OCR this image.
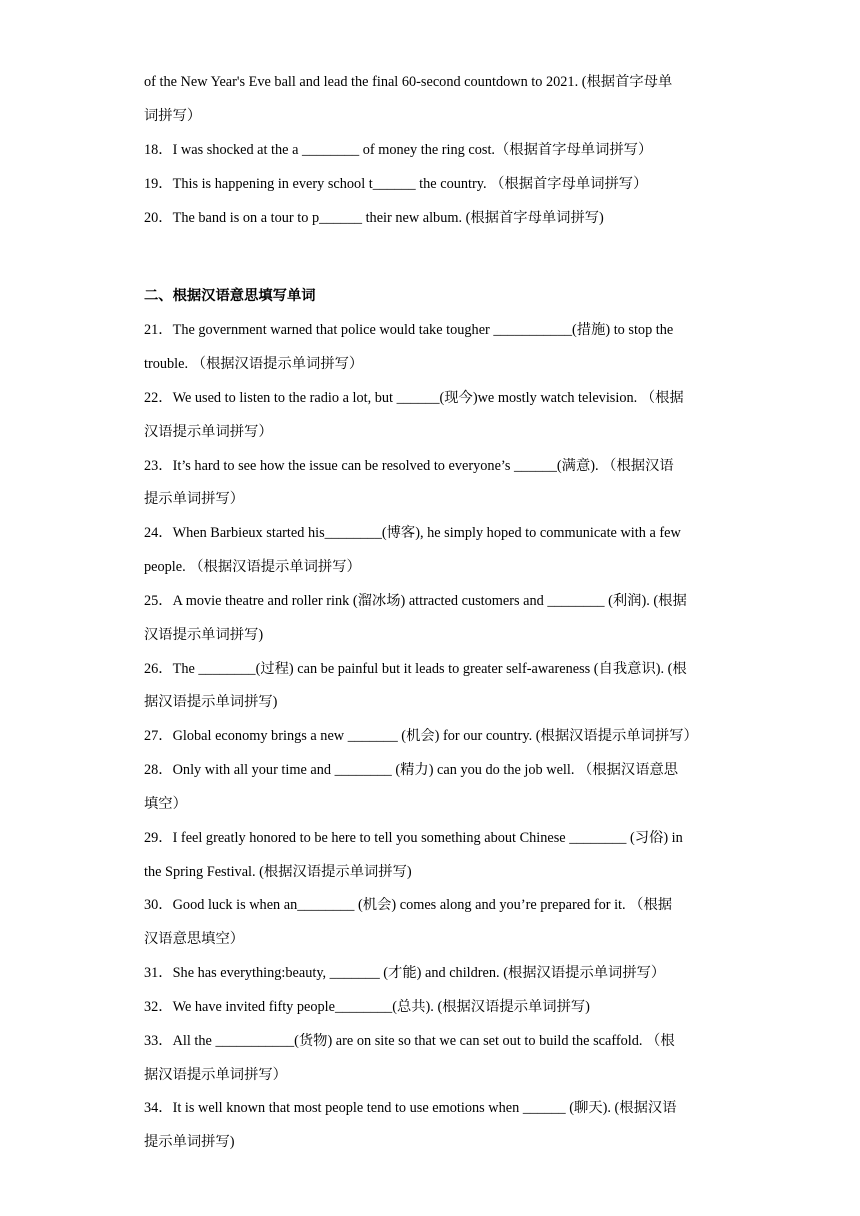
of the New Year's Eve ball and lead the final 60-second countdown to 2021. (根据首字母单
词拼写）
18．I was shocked at the a ________ of money the ring cost.（根据首字母单词拼写）
19．This is happening in every school t______ the country. （根据首字母单词拼写）
20．The band is on a tour to p______ their new album. (根据首字母单词拼写)
二、根据汉语意思填写单词
21．The government warned that police would take tougher ___________(措施) to stop the
trouble. （根据汉语提示单词拼写）
22．We used to listen to the radio a lot, but ______(现今)we mostly watch television. （根据
汉语提示单词拼写）
23．It’s hard to see how the issue can be resolved to everyone’s ______(满意). （根据汉语
提示单词拼写）
24．When Barbieux started his________(博客), he simply hoped to communicate with a few
people. （根据汉语提示单词拼写）
25．A movie theatre and roller rink (溜冰场) attracted customers and ________ (利润). (根据
汉语提示单词拼写)
26．The ________(过程) can be painful but it leads to greater self-awareness (自我意识). (根
据汉语提示单词拼写)
27．Global economy brings a new _______ (机会) for our country. (根据汉语提示单词拼写）
28．Only with all your time and ________ (精力) can you do the job well. （根据汉语意思
填空）
29．I feel greatly honored to be here to tell you something about Chinese ________ (习俗) in
the Spring Festival. (根据汉语提示单词拼写)
30．Good luck is when an________ (机会) comes along and you’re prepared for it. （根据
汉语意思填空）
31．She has everything:beauty, _______ (才能) and children. (根据汉语提示单词拼写）
32．We have invited fifty people________(总共). (根据汉语提示单词拼写)
33．All the ___________(货物) are on site so that we can set out to build the scaffold. （根
据汉语提示单词拼写）
34．It is well known that most people tend to use emotions when ______ (聊天). (根据汉语
提示单词拼写)
